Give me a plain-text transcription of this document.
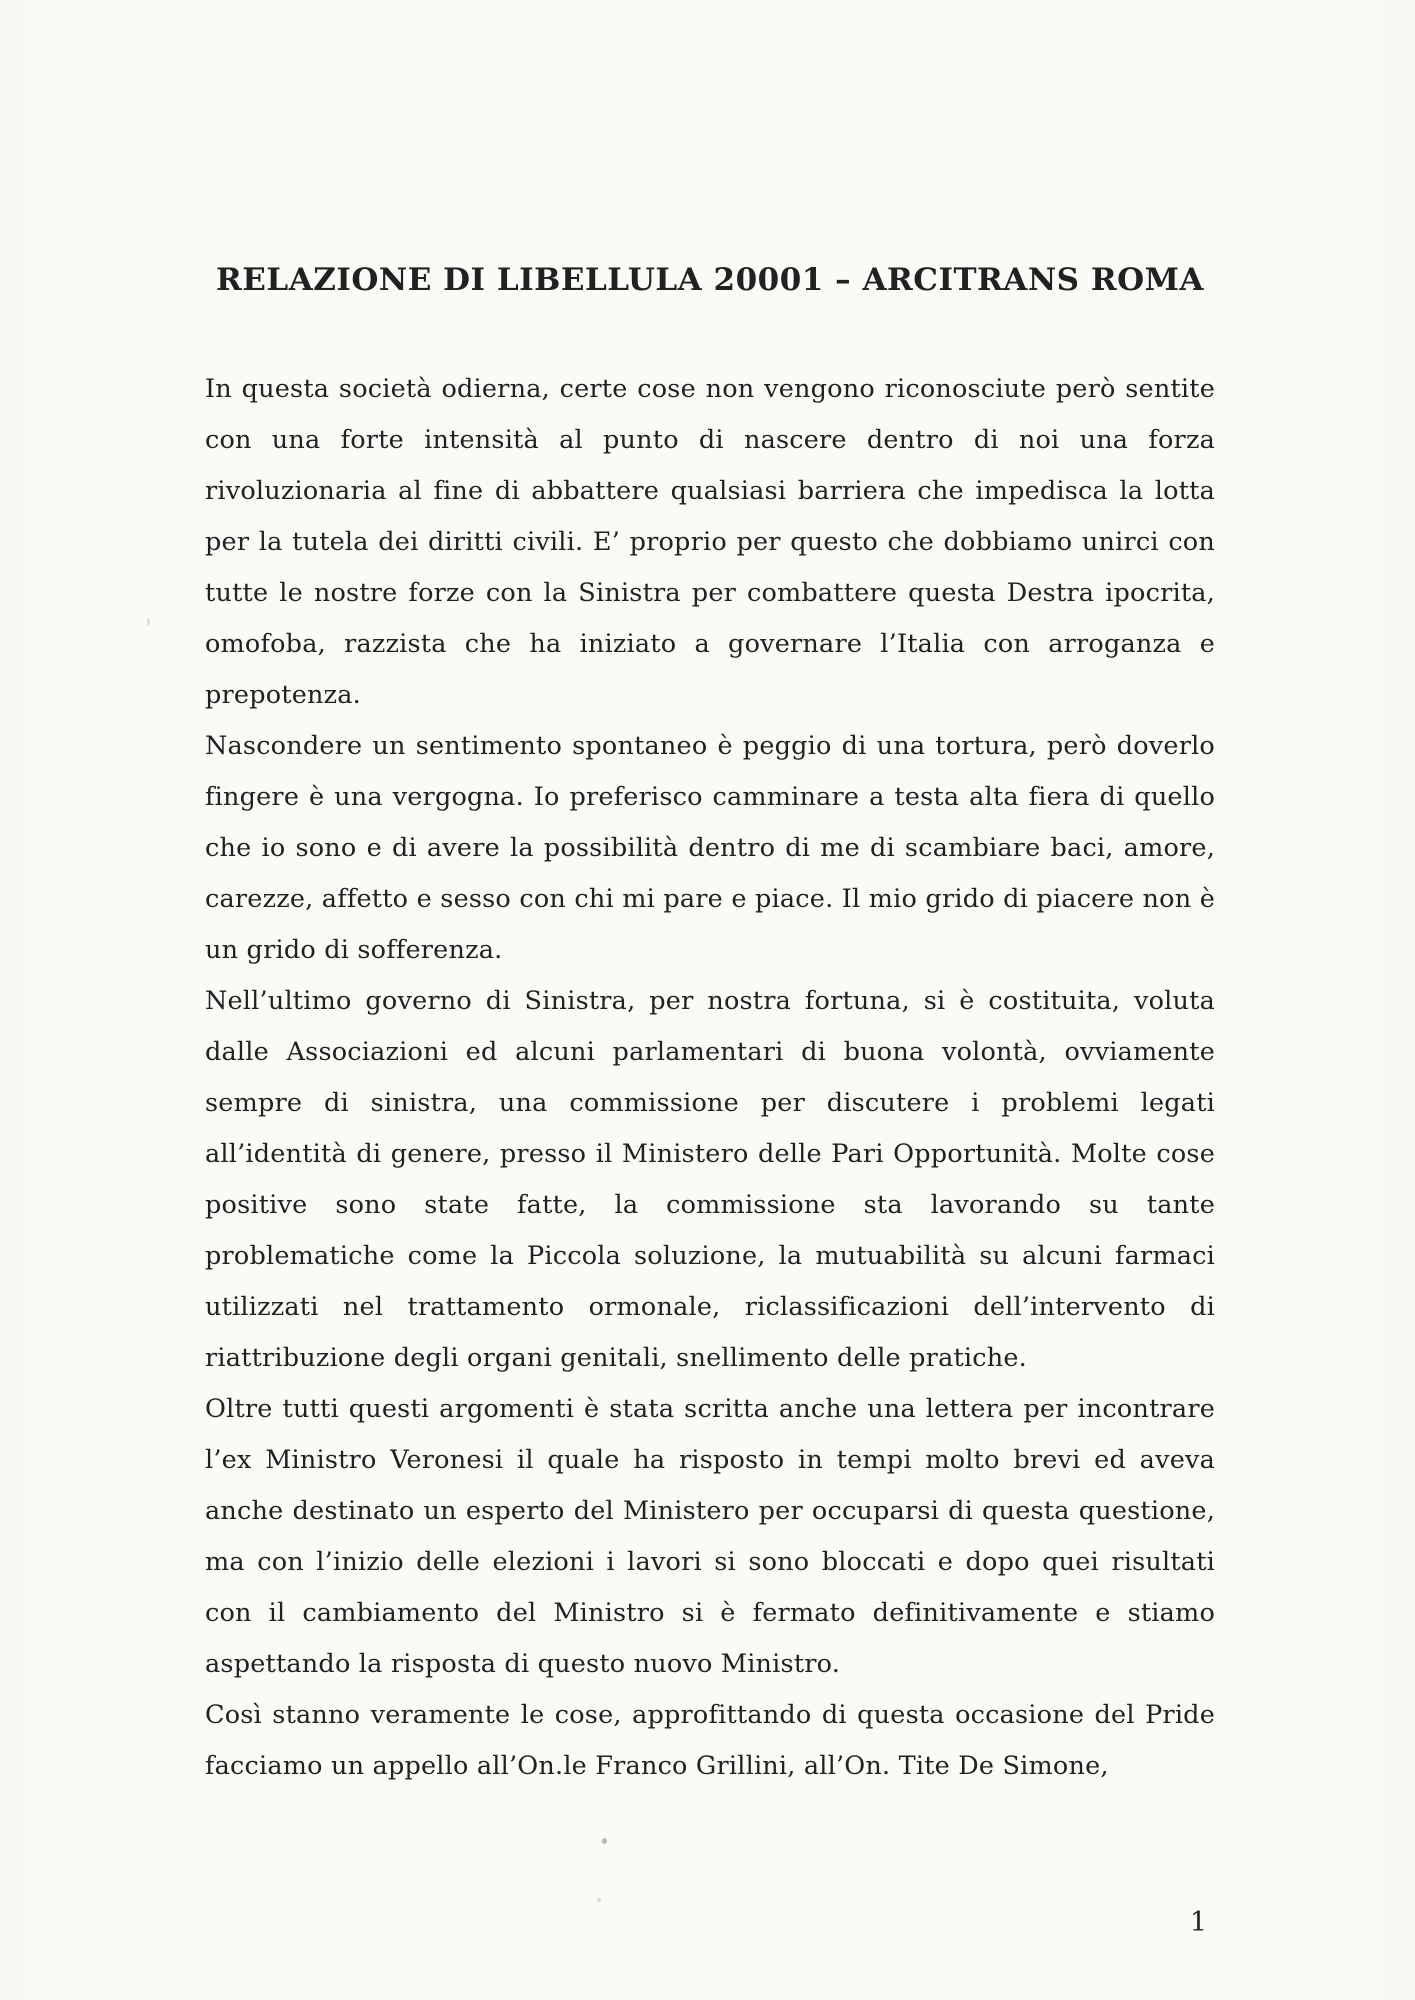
RELAZIONE DI LIBELLULA 20001 – ARCITRANS ROMA

In questa società odierna, certe cose non vengono riconosciute però sentite con una forte intensità al punto di nascere dentro di noi una forza rivoluzionaria al fine di abbattere qualsiasi barriera che impedisca la lotta per la tutela dei diritti civili. E’ proprio per questo che dobbiamo unirci con tutte le nostre forze con la Sinistra per combattere questa Destra ipocrita, omofoba, razzista che ha iniziato a governare l’Italia con arroganza e prepotenza.

Nascondere un sentimento spontaneo è peggio di una tortura, però doverlo fingere è una vergogna. Io preferisco camminare a testa alta fiera di quello che io sono e di avere la possibilità dentro di me di scambiare baci, amore, carezze, affetto e sesso con chi mi pare e piace. Il mio grido di piacere non è un grido di sofferenza.

Nell’ultimo governo di Sinistra, per nostra fortuna, si è costituita, voluta dalle Associazioni ed alcuni parlamentari di buona volontà, ovviamente sempre di sinistra, una commissione per discutere i problemi legati all’identità di genere, presso il Ministero delle Pari Opportunità. Molte cose positive sono state fatte, la commissione sta lavorando su tante problematiche come la Piccola soluzione, la mutuabilità su alcuni farmaci utilizzati nel trattamento ormonale, riclassificazioni dell’intervento di riattribuzione degli organi genitali, snellimento delle pratiche.

Oltre tutti questi argomenti è stata scritta anche una lettera per incontrare l’ex Ministro Veronesi il quale ha risposto in tempi molto brevi ed aveva anche destinato un esperto del Ministero per occuparsi di questa questione, ma con l’inizio delle elezioni i lavori si sono bloccati e dopo quei risultati con il cambiamento del Ministro si è fermato definitivamente e stiamo aspettando la risposta di questo nuovo Ministro.

Così stanno veramente le cose, approfittando di questa occasione del Pride facciamo un appello all’On.le Franco Grillini, all’On. Tite De Simone,

1
